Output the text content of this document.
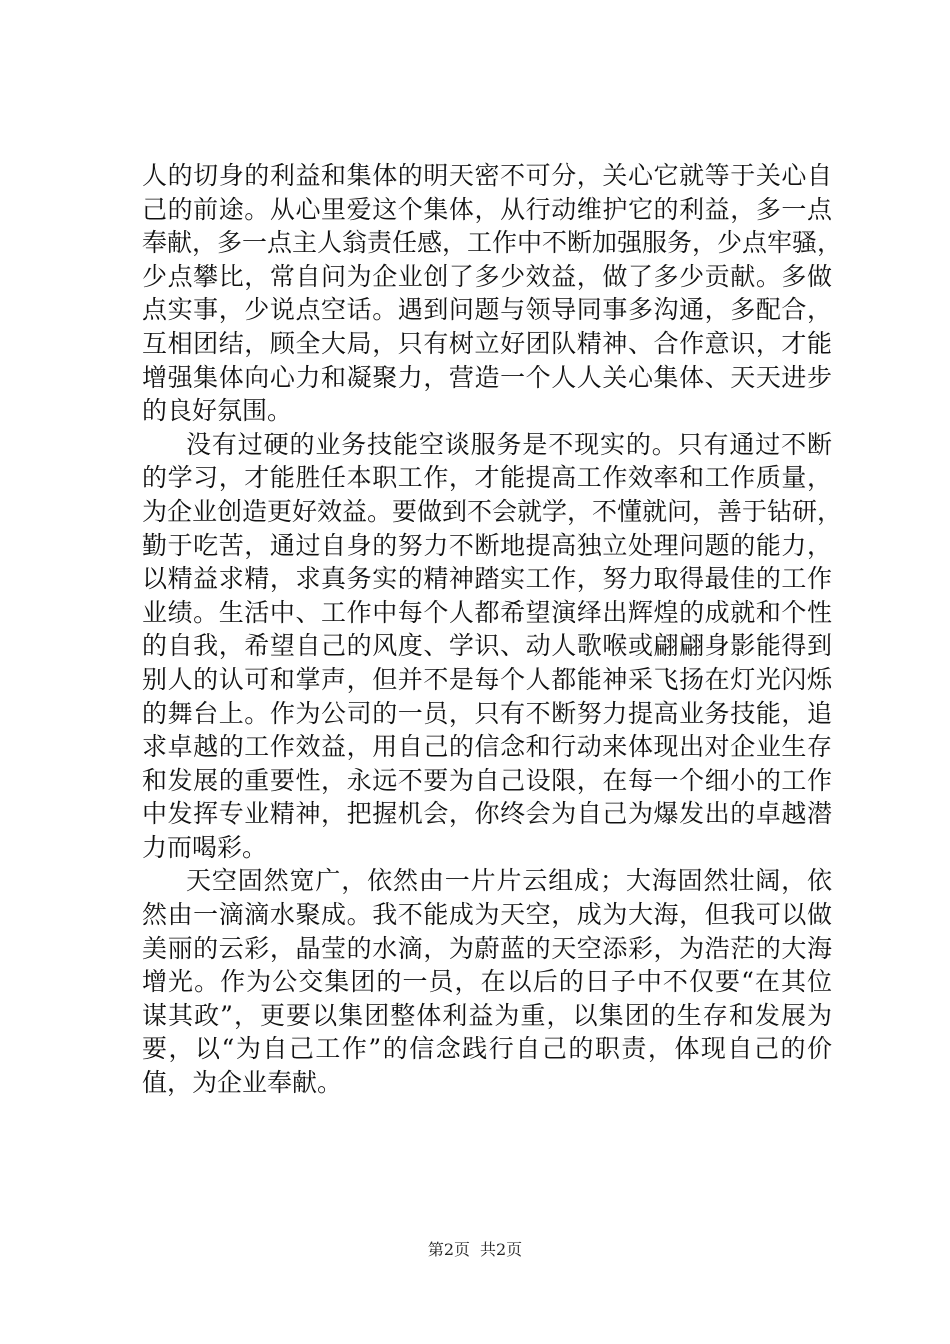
人的切身的利益和集体的明天密不可分，关心它就等于关心自
己的前途。从心里爱这个集体，从行动维护它的利益，多一点
奉献，多一点主人翁责任感，工作中不断加强服务，少点牢骚，
少点攀比，常自问为企业创了多少效益，做了多少贡献。多做
点实事，少说点空话。遇到问题与领导同事多沟通，多配合，
互相团结，顾全大局，只有树立好团队精神、合作意识，才能
增强集体向心力和凝聚力，营造一个人人关心集体、天天进步
的良好氛围。
没有过硬的业务技能空谈服务是不现实的。只有通过不断
的学习，才能胜任本职工作，才能提高工作效率和工作质量，
为企业创造更好效益。要做到不会就学，不懂就问，善于钻研，
勤于吃苦，通过自身的努力不断地提高独立处理问题的能力，
以精益求精，求真务实的精神踏实工作，努力取得最佳的工作
业绩。生活中、工作中每个人都希望演绎出辉煌的成就和个性
的自我，希望自己的风度、学识、动人歌喉或翩翩身影能得到
别人的认可和掌声，但并不是每个人都能神采飞扬在灯光闪烁
的舞台上。作为公司的一员，只有不断努力提高业务技能，追
求卓越的工作效益，用自己的信念和行动来体现出对企业生存
和发展的重要性，永远不要为自己设限，在每一个细小的工作
中发挥专业精神，把握机会，你终会为自己为爆发出的卓越潜
力而喝彩。
天空固然宽广，依然由一片片云组成；大海固然壮阔，依
然由一滴滴水聚成。我不能成为天空，成为大海，但我可以做
美丽的云彩，晶莹的水滴，为蔚蓝的天空添彩，为浩茫的大海
增光。作为公交集团的一员，在以后的日子中不仅要“在其位
谋其政”，更要以集团整体利益为重，以集团的生存和发展为
要，以“为自己工作”的信念践行自己的职责，体现自己的价
值，为企业奉献。
第2页 共2页
